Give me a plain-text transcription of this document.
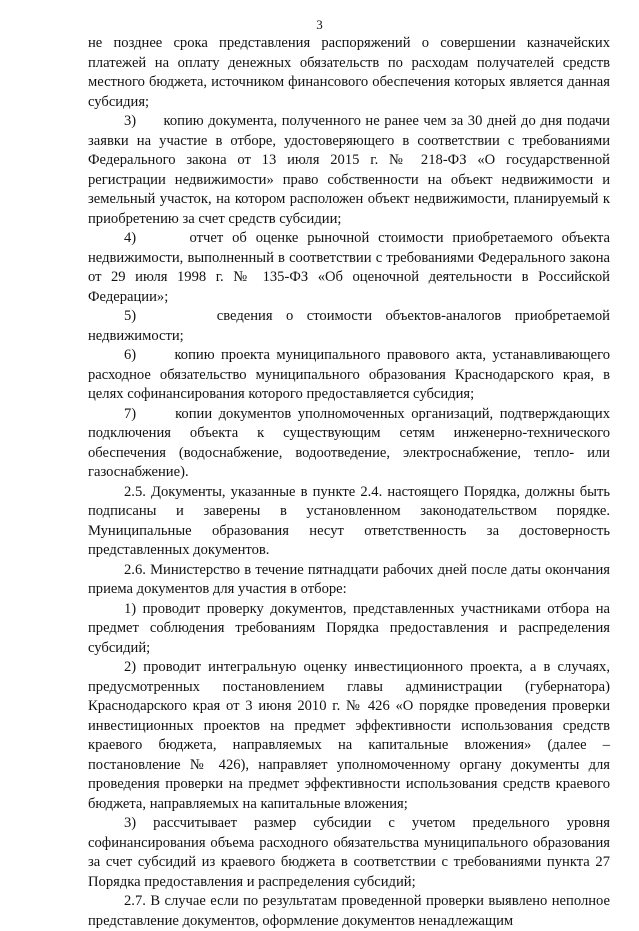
3

не позднее срока представления распоряжений о совершении казначейских платежей на оплату денежных обязательств по расходам получателей средств местного бюджета, источником финансового обеспечения которых является данная субсидия;

3)      копию документа, полученного не ранее чем за 30 дней до дня подачи заявки на участие в отборе, удостоверяющего в соответствии с требованиями Федерального закона от 13 июля 2015 г. № 218-ФЗ «О государственной регистрации недвижимости» право собственности на объект недвижимости и земельный участок, на котором расположен объект недвижимости, планируемый к приобретению за счет средств субсидии;

4)      отчет об оценке рыночной стоимости приобретаемого объекта недвижимости, выполненный в соответствии с требованиями Федерального закона от 29 июля 1998 г. № 135-ФЗ «Об оценочной деятельности в Российской Федерации»;

5)      сведения о стоимости объектов-аналогов приобретаемой недвижимости;

6)      копию проекта муниципального правового акта, устанавливающего расходное обязательство муниципального образования Краснодарского края, в целях софинансирования которого предоставляется субсидия;

7)      копии документов уполномоченных организаций, подтверждающих подключения объекта к существующим сетям инженерно-технического обеспечения (водоснабжение, водоотведение, электроснабжение, тепло- или газоснабжение).

2.5. Документы, указанные в пункте 2.4. настоящего Порядка, должны быть подписаны и заверены в установленном законодательством порядке. Муниципальные образования несут ответственность за достоверность представленных документов.

2.6. Министерство в течение пятнадцати рабочих дней после даты окончания приема документов для участия в отборе:

1) проводит проверку документов, представленных участниками отбора на предмет соблюдения требованиям Порядка предоставления и распределения субсидий;

2) проводит интегральную оценку инвестиционного проекта, а в случаях, предусмотренных постановлением главы администрации (губернатора) Краснодарского края от 3 июня 2010 г. № 426 «О порядке проведения проверки инвестиционных проектов на предмет эффективности использования средств краевого бюджета, направляемых на капитальные вложения» (далее – постановление № 426), направляет уполномоченному органу документы для проведения проверки на предмет эффективности использования средств краевого бюджета, направляемых на капитальные вложения;

3) рассчитывает размер субсидии с учетом предельного уровня софинансирования объема расходного обязательства муниципального образования за счет субсидий из краевого бюджета в соответствии с требованиями пункта 27 Порядка предоставления и распределения субсидий;

2.7. В случае если по результатам проведенной проверки выявлено неполное представление документов, оформление документов ненадлежащим
